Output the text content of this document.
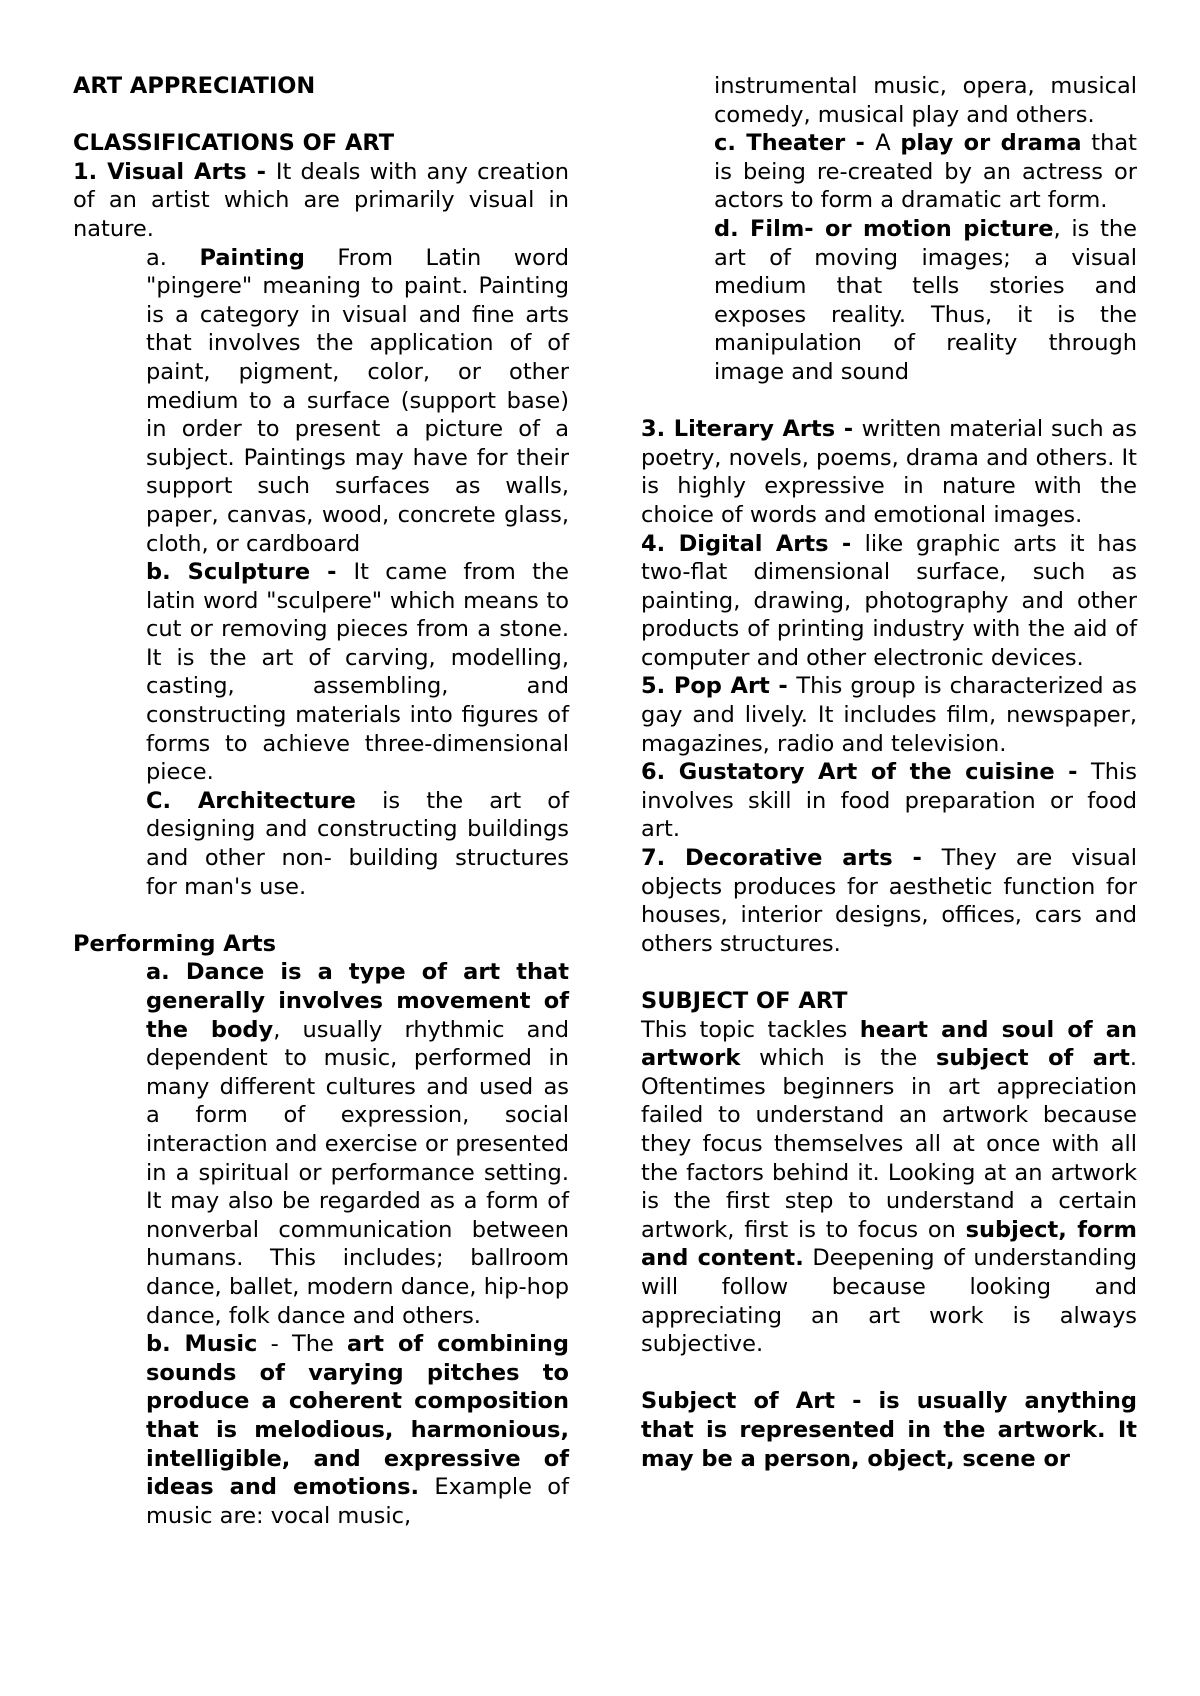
ART APPRECIATION
CLASSIFICATIONS OF ART
1. Visual Arts - It deals with any creation of an artist which are primarily visual in nature.
a. Painting From Latin word "pingere" meaning to paint. Painting is a category in visual and fine arts that involves the application of of paint, pigment, color, or other medium to a surface (support base) in order to present a picture of a subject. Paintings may have for their support such surfaces as walls, paper, canvas, wood, concrete glass, cloth, or cardboard
b. Sculpture - It came from the latin word "sculpere" which means to cut or removing pieces from a stone. It is the art of carving, modelling, casting, assembling, and constructing materials into figures of forms to achieve three-dimensional piece.
C. Architecture is the art of designing and constructing buildings and other non- building structures for man's use.
Performing Arts
a. Dance is a type of art that generally involves movement of the body, usually rhythmic and dependent to music, performed in many different cultures and used as a form of expression, social interaction and exercise or presented in a spiritual or performance setting. It may also be regarded as a form of nonverbal communication between humans. This includes; ballroom dance, ballet, modern dance, hip-hop dance, folk dance and others.
b. Music - The art of combining sounds of varying pitches to produce a coherent composition that is melodious, harmonious, intelligible, and expressive of ideas and emotions. Example of music are: vocal music,
instrumental music, opera, musical comedy, musical play and others.
c. Theater - A play or drama that is being re-created by an actress or actors to form a dramatic art form.
d. Film- or motion picture, is the art of moving images; a visual medium that tells stories and exposes reality. Thus, it is the manipulation of reality through image and sound
3. Literary Arts - written material such as poetry, novels, poems, drama and others. It is highly expressive in nature with the choice of words and emotional images.
4. Digital Arts - like graphic arts it has two-flat dimensional surface, such as painting, drawing, photography and other products of printing industry with the aid of computer and other electronic devices.
5. Pop Art - This group is characterized as gay and lively. It includes film, newspaper, magazines, radio and television.
6. Gustatory Art of the cuisine - This involves skill in food preparation or food art.
7. Decorative arts - They are visual objects produces for aesthetic function for houses, interior designs, offices, cars and others structures.
SUBJECT OF ART
This topic tackles heart and soul of an artwork which is the subject of art. Oftentimes beginners in art appreciation failed to understand an artwork because they focus themselves all at once with all the factors behind it. Looking at an artwork is the first step to understand a certain artwork, first is to focus on subject, form and content. Deepening of understanding will follow because looking and appreciating an art work is always subjective.
Subject of Art - is usually anything that is represented in the artwork. It may be a person, object, scene or
